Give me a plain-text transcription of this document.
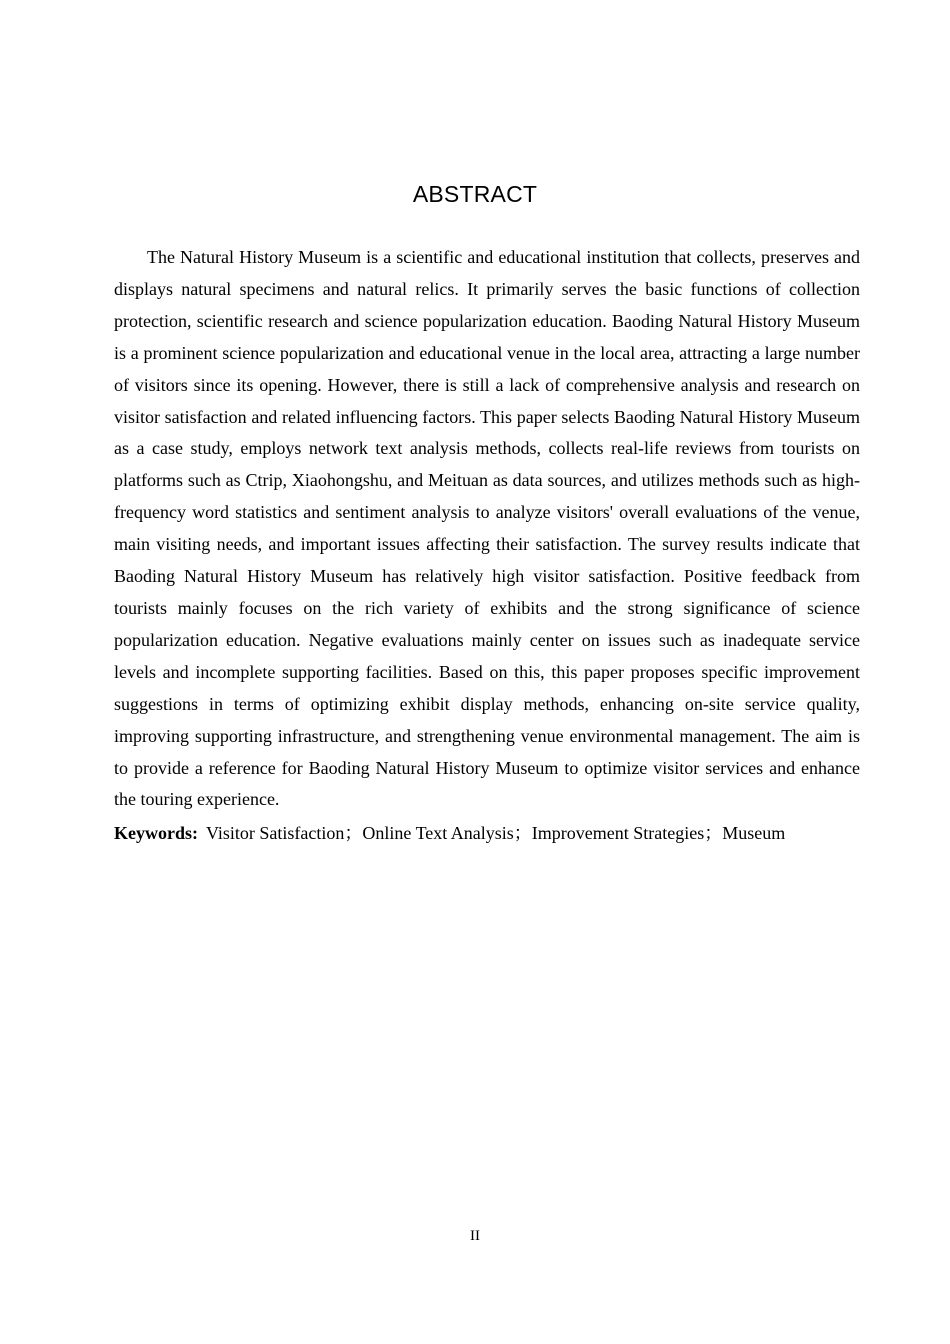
ABSTRACT

The Natural History Museum is a scientific and educational institution that collects, preserves and displays natural specimens and natural relics. It primarily serves the basic functions of collection protection, scientific research and science popularization education. Baoding Natural History Museum is a prominent science popularization and educational venue in the local area, attracting a large number of visitors since its opening. However, there is still a lack of comprehensive analysis and research on visitor satisfaction and related influencing factors. This paper selects Baoding Natural History Museum as a case study, employs network text analysis methods, collects real-life reviews from tourists on platforms such as Ctrip, Xiaohongshu, and Meituan as data sources, and utilizes methods such as high-frequency word statistics and sentiment analysis to analyze visitors' overall evaluations of the venue, main visiting needs, and important issues affecting their satisfaction. The survey results indicate that Baoding Natural History Museum has relatively high visitor satisfaction. Positive feedback from tourists mainly focuses on the rich variety of exhibits and the strong significance of science popularization education. Negative evaluations mainly center on issues such as inadequate service levels and incomplete supporting facilities. Based on this, this paper proposes specific improvement suggestions in terms of optimizing exhibit display methods, enhancing on-site service quality, improving supporting infrastructure, and strengthening venue environmental management. The aim is to provide a reference for Baoding Natural History Museum to optimize visitor services and enhance the touring experience.

Keywords: Visitor Satisfaction；Online Text Analysis；Improvement Strategies；Museum
II
